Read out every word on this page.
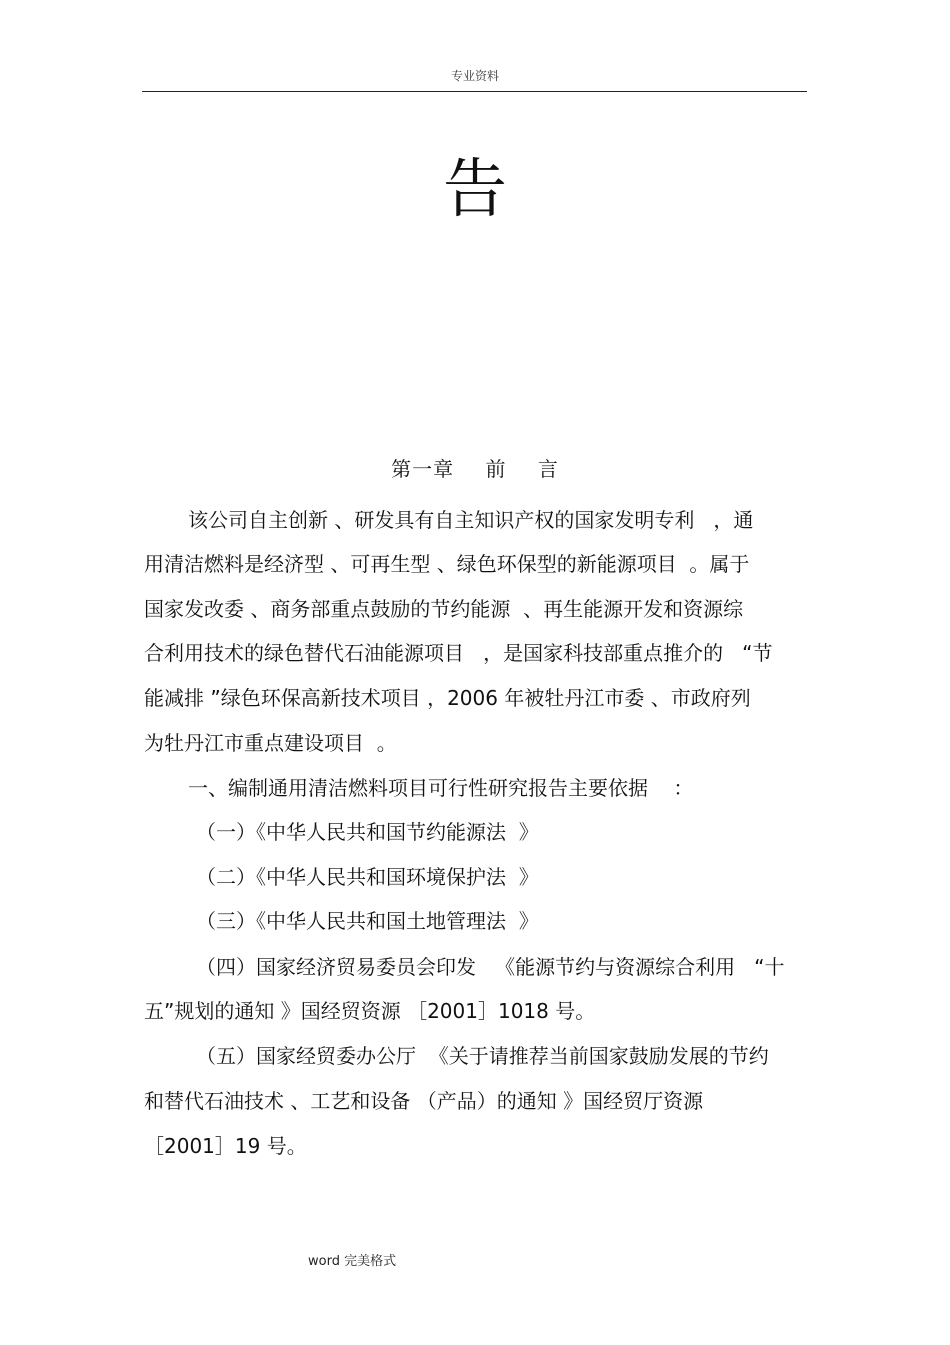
专业资料
告
第一章 前 言
该公司自主创新 、研发具有自主知识产权的国家发明专利   ，通
用清洁燃料是经济型 、可再生型 、绿色环保型的新能源项目  。属于
国家发改委 、商务部重点鼓励的节约能源  、再生能源开发和资源综
合利用技术的绿色替代石油能源项目   ，是国家科技部重点推介的   “节
能减排 ”绿色环保高新技术项目 ，2006 年被牡丹江市委 、市政府列
为牡丹江市重点建设项目  。
一、编制通用清洁燃料项目可行性研究报告主要依据    ：
（一）《中华人民共和国节约能源法  》
（二）《中华人民共和国环境保护法  》
（三）《中华人民共和国土地管理法  》
（四）国家经济贸易委员会印发   《能源节约与资源综合利用   “十
五”规划的通知 》国经贸资源 ［2001］1018 号。
（五）国家经贸委办公厅  《关于请推荐当前国家鼓励发展的节约
和替代石油技术 、工艺和设备 （产品）的通知 》国经贸厅资源
［2001］19 号。
word 完美格式
